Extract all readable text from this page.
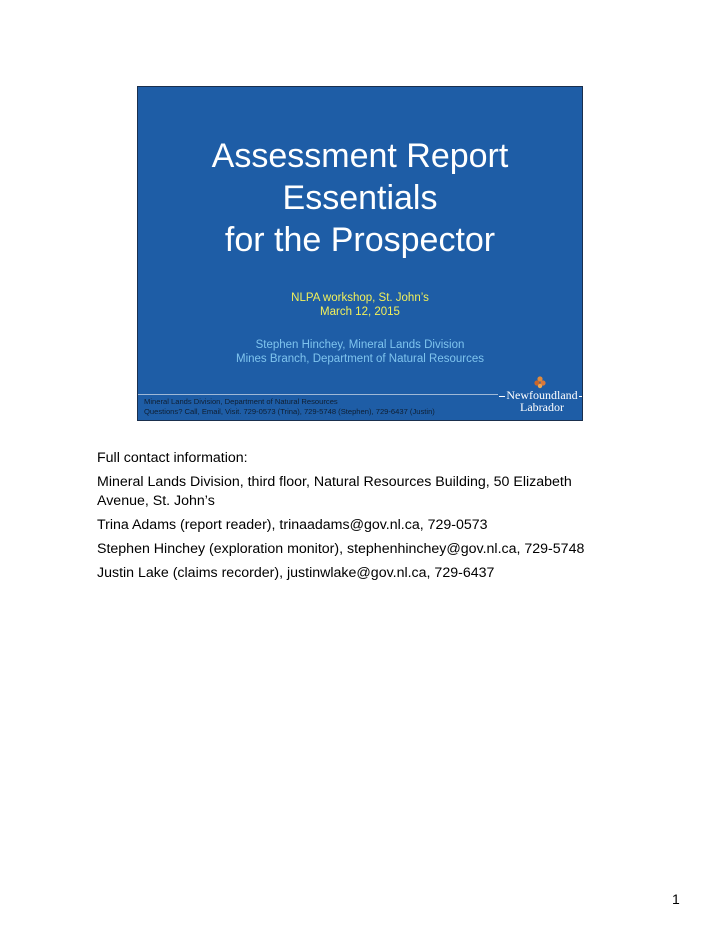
Assessment Report
Essentials
for the Prospector
NLPA workshop, St. John’s
March 12, 2015
Stephen Hinchey, Mineral Lands Division
Mines Branch, Department of Natural Resources
Mineral Lands Division, Department of Natural Resources
Questions? Call, Email, Visit. 729-0573 (Trina), 729-5748 (Stephen), 729-6437 (Justin)
Newfoundland
Labrador

Full contact information:

Mineral Lands Division, third floor, Natural Resources Building, 50 Elizabeth Avenue, St. John’s

Trina Adams (report reader), trinaadams@gov.nl.ca, 729-0573

Stephen Hinchey (exploration monitor), stephenhinchey@gov.nl.ca, 729-5748

Justin Lake (claims recorder), justinwlake@gov.nl.ca, 729-6437

1
